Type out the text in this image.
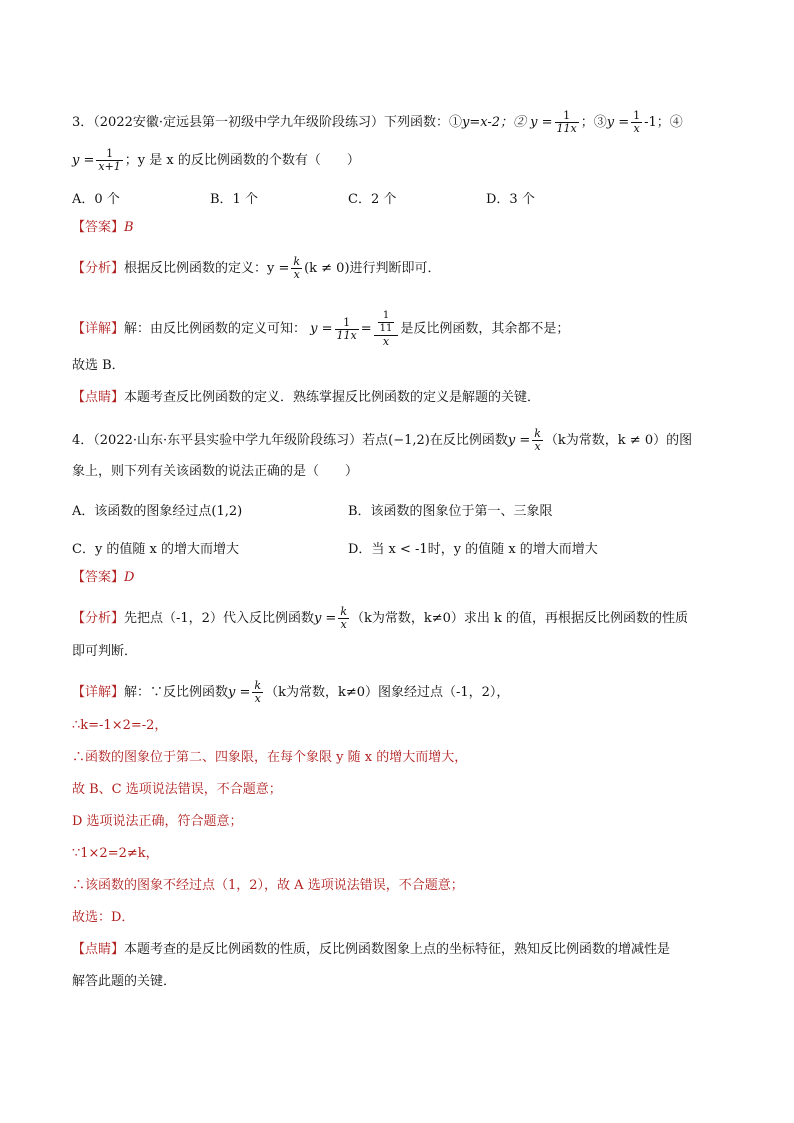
3．（2022安徽·定远县第一初级中学九年级阶段练习）下列函数：①y=x-2；② $y = \frac{1}{11x}$ ；③y = $\frac{1}{x} -1$；④
$y = \frac{1}{x+1}$ ；y 是 x 的反比例函数的个数有（　　）
A．0 个	B．1 个	C．2 个	D．3 个
【答案】B
【分析】根据反比例函数的定义：$y = \frac{k}{x} (k \ne 0)$进行判断即可．
【详解】解：由反比例函数的定义可知： $y = \frac{1}{11x} = \frac{\frac{1}{11}}{x}$ 是反比例函数，其余都不是；
故选 B．
【点睛】本题考查反比例函数的定义．熟练掌握反比例函数的定义是解题的关键．
4．（2022·山东·东平县实验中学九年级阶段练习）若点(−1,2)在反比例函数$y = \frac{k}{x} (k$为常数，k ≠ 0）的图
象上，则下列有关该函数的说法正确的是（　　）
A．该函数的图象经过点(1,2)	B．该函数的图象位于第一、三象限
C．y 的值随 x 的增大而增大	D．当 x < -1时，y 的值随 x 的增大而增大
【答案】D
【分析】先把点（-1，2）代入反比例函数$y = \frac{k}{x} (k$为常数，k≠0）求出 k 的值，再根据反比例函数的性质
即可判断．
【详解】解：∵反比例函数$y = \frac{k}{x} (k$为常数，k≠0）图象经过点（-1，2），
∴k=-1×2=-2，
∴函数的图象位于第二、四象限，在每个象限 y 随 x 的增大而增大，
故 B、C 选项说法错误，不合题意；
D 选项说法正确，符合题意；
∵1×2=2≠k，
∴该函数的图象不经过点（1，2），故 A 选项说法错误，不合题意；
故选：D．
【点睛】本题考查的是反比例函数的性质，反比例函数图象上点的坐标特征，熟知反比例函数的增减性是
解答此题的关键．
